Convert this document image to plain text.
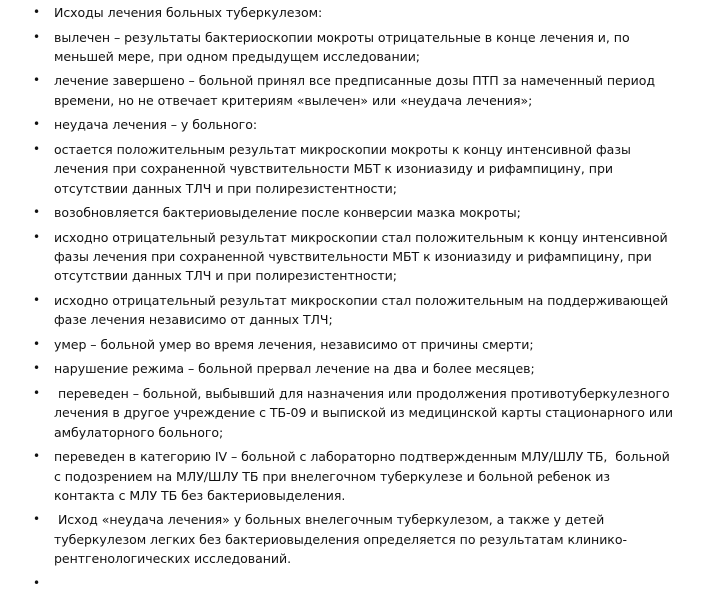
• Исходы лечения больных туберкулезом:
• вылечен – результаты бактериоскопии мокроты отрицательные в конце лечения и, по меньшей мере, при одном предыдущем исследовании;
• лечение завершено – больной принял все предписанные дозы ПТП за намеченный период времени, но не отвечает критериям «вылечен» или «неудача лечения»;
• неудача лечения – у больного:
• остается положительным результат микроскопии мокроты к концу интенсивной фазы лечения при сохраненной чувствительности МБТ к изониазиду и рифампицину, при отсутствии данных ТЛЧ и при полирезистентности;
• возобновляется бактериовыделение после конверсии мазка мокроты;
• исходно отрицательный результат микроскопии стал положительным к концу интенсивной фазы лечения при сохраненной чувствительности МБТ к изониазиду и рифампицину, при отсутствии данных ТЛЧ и при полирезистентности;
• исходно отрицательный результат микроскопии стал положительным на поддерживающей фазе лечения независимо от данных ТЛЧ;
• умер – больной умер во время лечения, независимо от причины смерти;
• нарушение режима – больной прервал лечение на два и более месяцев;
• переведен – больной, выбывший для назначения или продолжения противотуберкулезного лечения в другое учреждение с ТБ-09 и выпиской из медицинской карты стационарного или амбулаторного больного;
• переведен в категорию IV – больной с лабораторно подтвержденным МЛУ/ШЛУ ТБ,  больной с подозрением на МЛУ/ШЛУ ТБ при внелегочном туберкулезе и больной ребенок из контакта с МЛУ ТБ без бактериовыделения.
• Исход «неудача лечения» у больных внелегочным туберкулезом, а также у детей туберкулезом легких без бактериовыделения определяется по результатам клинико-рентгенологических исследований.
•
